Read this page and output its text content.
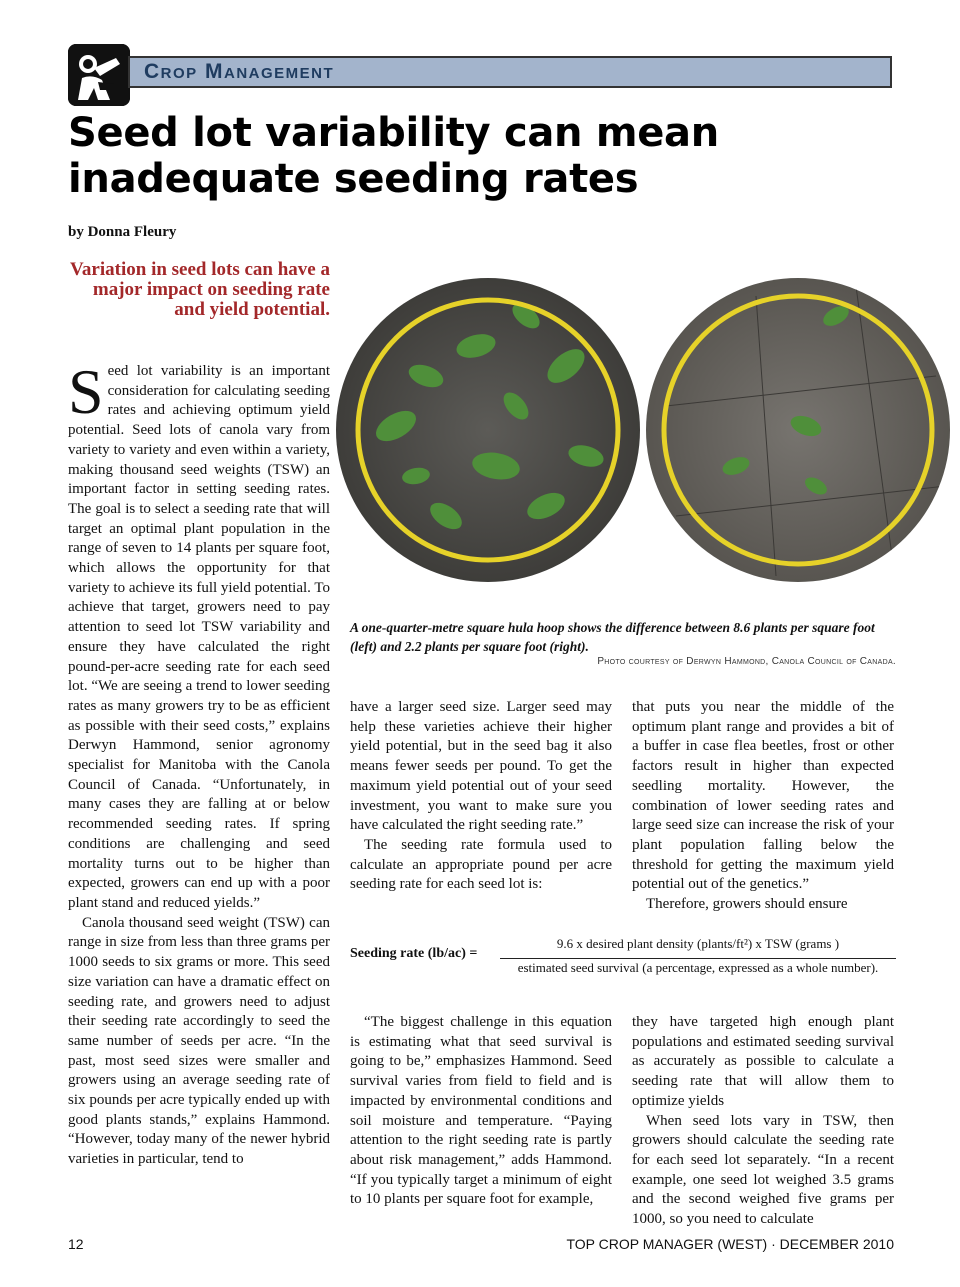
Crop Management
Seed lot variability can mean
inadequate seeding rates
by Donna Fleury
Variation in seed lots can have a major impact on seeding rate and yield potential.

Seed lot variability is an important consideration for calculating seeding rates and achieving optimum yield potential. Seed lots of canola vary from variety to variety and even within a variety, making thousand seed weights (TSW) an important factor in setting seeding rates. The goal is to select a seeding rate that will target an optimal plant population in the range of seven to 14 plants per square foot, which allows the opportunity for that variety to achieve its full yield potential. To achieve that target, growers need to pay attention to seed lot TSW variability and ensure they have calculated the right pound-per-acre seeding rate for each seed lot. “We are seeing a trend to lower seeding rates as many growers try to be as efficient as possible with their seed costs,” explains Derwyn Hammond, senior agronomy specialist for Manitoba with the Canola Council of Canada. “Unfortunately, in many cases they are falling at or below recommended seeding rates. If spring conditions are challenging and seed mortality turns out to be higher than expected, growers can end up with a poor plant stand and reduced yields.”

Canola thousand seed weight (TSW) can range in size from less than three grams per 1000 seeds to six grams or more. This seed size variation can have a dramatic effect on seeding rate, and growers need to adjust their seeding rate accordingly to seed the same number of seeds per acre. “In the past, most seed sizes were smaller and growers using an average seeding rate of six pounds per acre typically ended up with good plants stands,” explains Hammond. “However, today many of the newer hybrid varieties in particular, tend to

A one-quarter-metre square hula hoop shows the difference between 8.6 plants per square foot (left) and 2.2 plants per square foot (right).
Photo courtesy of Derwyn Hammond, Canola Council of Canada.

have a larger seed size. Larger seed may help these varieties achieve their higher yield potential, but in the seed bag it also means fewer seeds per pound. To get the maximum yield potential out of your seed investment, you want to make sure you have calculated the right seeding rate.”

The seeding rate formula used to calculate an appropriate pound per acre seeding rate for each seed lot is:

that puts you near the middle of the optimum plant range and provides a bit of a buffer in case flea beetles, frost or other factors result in higher than expected seedling mortality. However, the combination of lower seeding rates and large seed size can increase the risk of your plant population falling below the threshold for getting the maximum yield potential out of the genetics.”

Therefore, growers should ensure

Seeding rate (lb/ac) =
9.6 x desired plant density (plants/ft²) x TSW (grams )
estimated seed survival (a percentage, expressed as a whole number).

“The biggest challenge in this equation is estimating what that seed survival is going to be,” emphasizes Hammond. Seed survival varies from field to field and is impacted by environmental conditions and soil moisture and temperature. “Paying attention to the right seeding rate is partly about risk management,” adds Hammond. “If you typically target a minimum of eight to 10 plants per square foot for example,

they have targeted high enough plant populations and estimated seeding survival as accurately as possible to calculate a seeding rate that will allow them to optimize yields

When seed lots vary in TSW, then growers should calculate the seeding rate for each seed lot separately. “In a recent example, one seed lot weighed 3.5 grams and the second weighed five grams per 1000, so you need to calculate

12	TOP CROP MANAGER (WEST) · DECEMBER 2010
